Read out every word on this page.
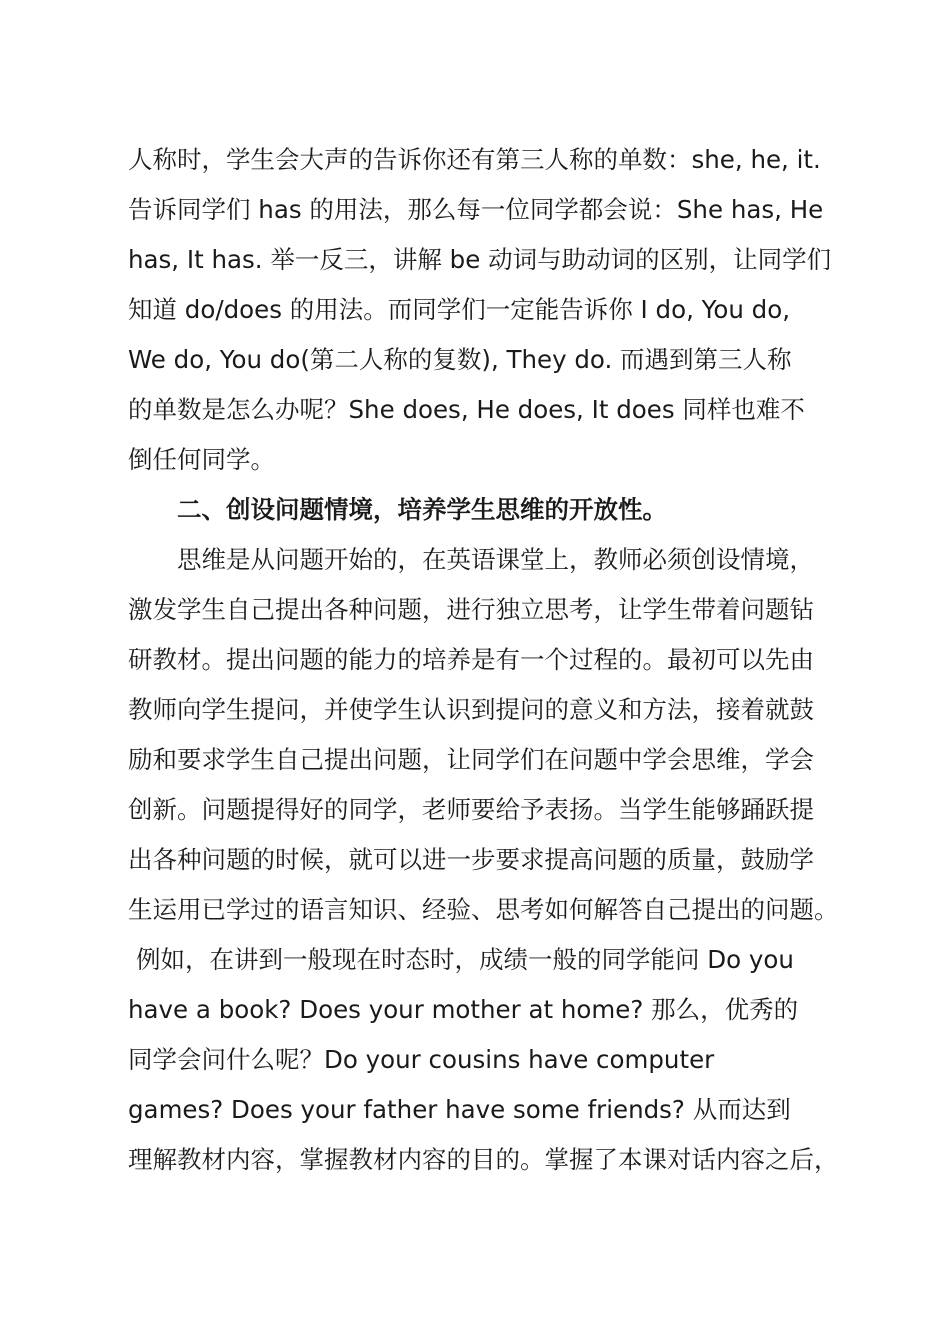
人称时，学生会大声的告诉你还有第三人称的单数：she, he, it.
告诉同学们 has 的用法，那么每一位同学都会说：She has, He
has, It has. 举一反三，讲解 be 动词与助动词的区别，让同学们
知道 do/does 的用法。而同学们一定能告诉你 I do, You do,
We do, You do(第二人称的复数), They do. 而遇到第三人称
的单数是怎么办呢？She does, He does, It does 同样也难不
倒任何同学。
二、创设问题情境，培养学生思维的开放性。
思维是从问题开始的，在英语课堂上，教师必须创设情境，
激发学生自己提出各种问题，进行独立思考，让学生带着问题钻
研教材。提出问题的能力的培养是有一个过程的。最初可以先由
教师向学生提问，并使学生认识到提问的意义和方法，接着就鼓
励和要求学生自己提出问题，让同学们在问题中学会思维，学会
创新。问题提得好的同学，老师要给予表扬。当学生能够踊跃提
出各种问题的时候，就可以进一步要求提高问题的质量，鼓励学
生运用已学过的语言知识、经验、思考如何解答自己提出的问题。
例如，在讲到一般现在时态时，成绩一般的同学能问 Do you
have a book? Does your mother at home? 那么，优秀的
同学会问什么呢？Do your cousins have computer
games? Does your father have some friends? 从而达到
理解教材内容，掌握教材内容的目的。掌握了本课对话内容之后，
